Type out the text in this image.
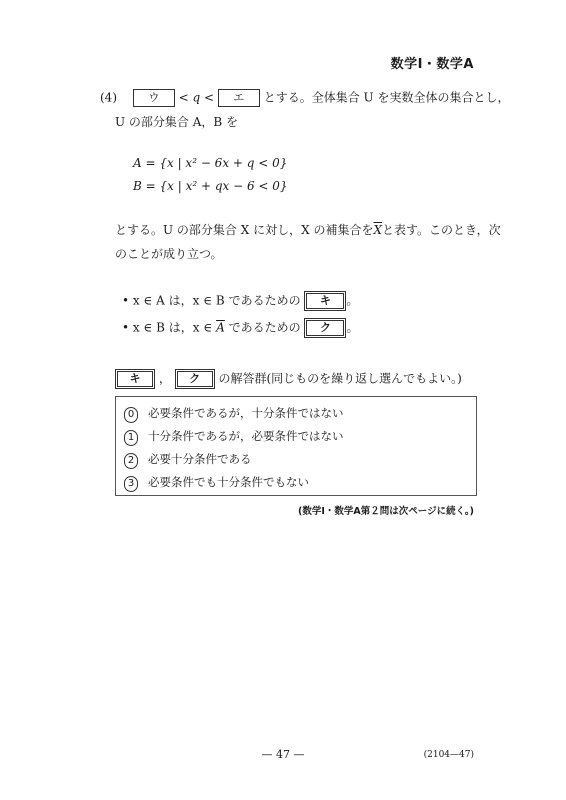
数学Ⅰ・数学A
(4)	ウ < q < エ とする。全体集合 U を実数全体の集合とし，
U の部分集合 A，B を
A = {x | x² − 6x + q < 0}
B = {x | x² + qx − 6 < 0}
とする。U の部分集合 X に対し，X の補集合を$\overline{X}$と表す。このとき，次
のことが成り立つ。
• x ∈ A は，x ∈ B であるための キ 。
• x ∈ B は，x ∈ $\overline{A}$ であるための ク 。
キ ， ク の解答群(同じものを繰り返し選んでもよい。)
0 必要条件であるが，十分条件ではない
1 十分条件であるが，必要条件ではない
2 必要十分条件である
3 必要条件でも十分条件でもない
(数学Ⅰ・数学A第２問は次ページに続く。)
— 47 —	(2104—47)
